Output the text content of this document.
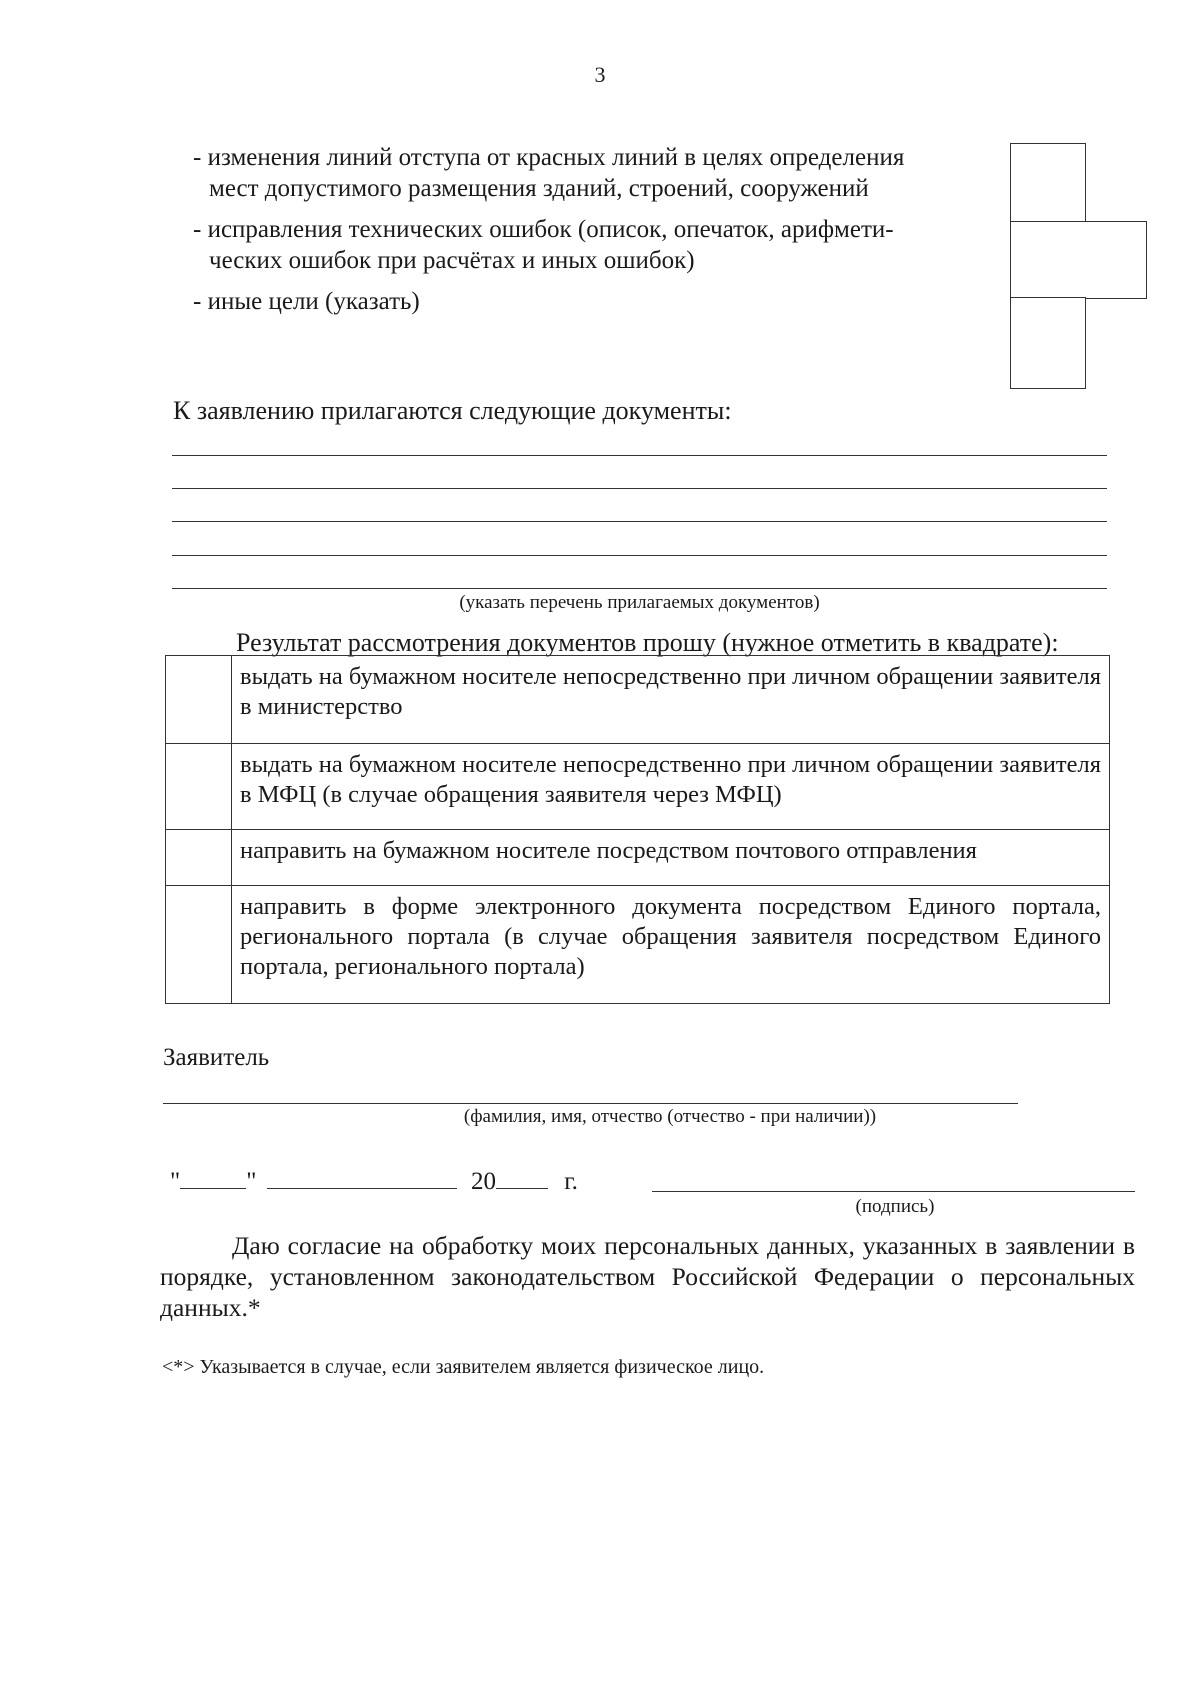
3
- изменения линий отступа от красных линий в целях определения
мест допустимого размещения зданий, строений, сооружений
- исправления технических ошибок (описок, опечаток, арифмети-
ческих ошибок при расчётах и иных ошибок)
- иные цели (указать)
К заявлению прилагаются следующие документы:
(указать перечень прилагаемых документов)
Результат рассмотрения документов прошу (нужное отметить в квадрате):
	выдать на бумажном носителе непосредственно при личном обращении заявителя в министерство
	выдать на бумажном носителе непосредственно при личном обращении заявителя в МФЦ (в случае обращения заявителя через МФЦ)
	направить на бумажном носителе посредством почтового отправления
	направить в форме электронного документа посредством Единого портала, регионального портала (в случае обращения заявителя посредством Единого портала, регионального портала)
Заявитель
(фамилия, имя, отчество (отчество - при наличии))
"	"	20	г.
(подпись)
Даю согласие на обработку моих персональных данных, указанных в заявлении в порядке, установленном законодательством Российской Федерации о персональных данных.*
<*> Указывается в случае, если заявителем является физическое лицо.
